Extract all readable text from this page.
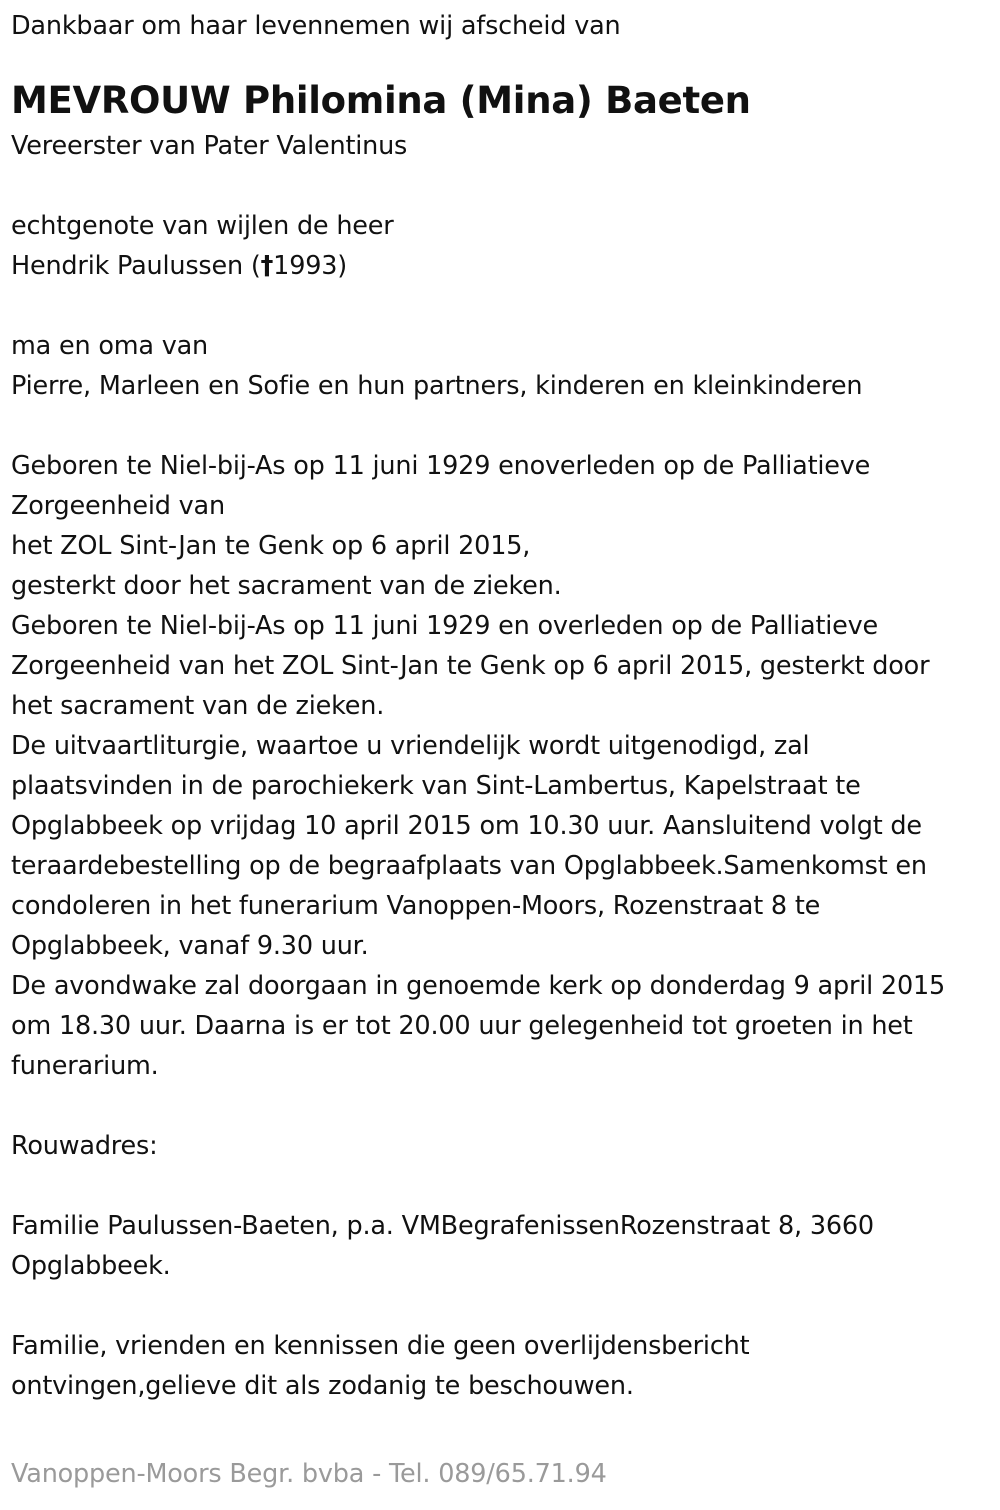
Dankbaar om haar levennemen wij afscheid van
MEVROUW Philomina (Mina) Baeten
Vereerster van Pater Valentinus
echtgenote van wijlen de heer
Hendrik Paulussen (†1993)
ma en oma van
Pierre, Marleen en Sofie en hun partners, kinderen en kleinkinderen
Geboren te Niel-bij-As op 11 juni 1929 enoverleden op de Palliatieve
Zorgeenheid van
het ZOL Sint-Jan te Genk op 6 april 2015,
gesterkt door het sacrament van de zieken.
Geboren te Niel-bij-As op 11 juni 1929 en overleden op de Palliatieve
Zorgeenheid van het ZOL Sint-Jan te Genk op 6 april 2015, gesterkt door
het sacrament van de zieken.
De uitvaartliturgie, waartoe u vriendelijk wordt uitgenodigd, zal
plaatsvinden in de parochiekerk van Sint-Lambertus, Kapelstraat te
Opglabbeek op vrijdag 10 april 2015 om 10.30 uur. Aansluitend volgt de
teraardebestelling op de begraafplaats van Opglabbeek.Samenkomst en
condoleren in het funerarium Vanoppen-Moors, Rozenstraat 8 te
Opglabbeek, vanaf 9.30 uur.
De avondwake zal doorgaan in genoemde kerk op donderdag 9 april 2015
om 18.30 uur. Daarna is er tot 20.00 uur gelegenheid tot groeten in het
funerarium.
Rouwadres:
Familie Paulussen-Baeten, p.a. VMBegrafenissenRozenstraat 8, 3660
Opglabbeek.
Familie, vrienden en kennissen die geen overlijdensbericht
ontvingen,gelieve dit als zodanig te beschouwen.
Vanoppen-Moors Begr. bvba - Tel. 089/65.71.94
